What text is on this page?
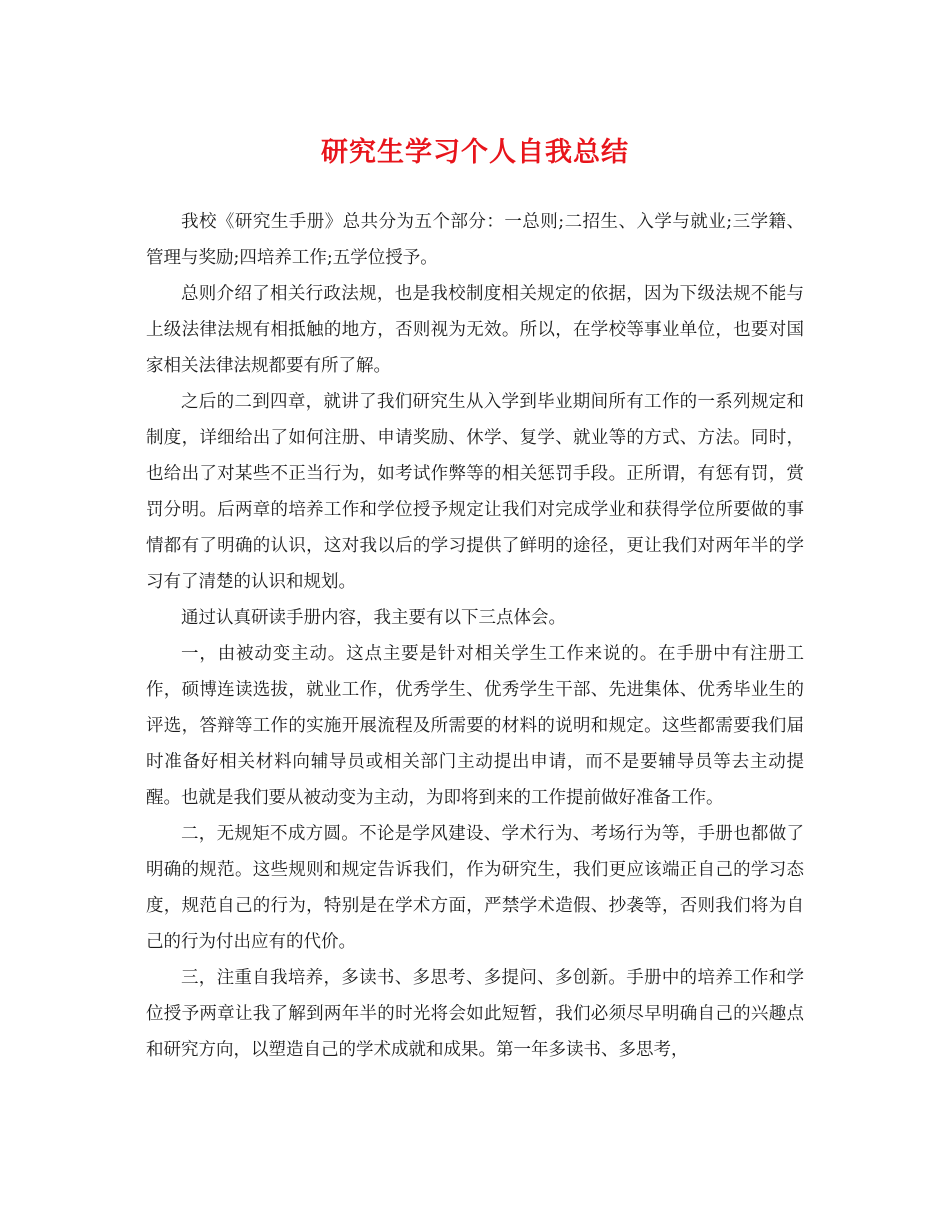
研究生学习个人自我总结

我校《研究生手册》总共分为五个部分：一总则;二招生、入学与就业;三学籍、管理与奖励;四培养工作;五学位授予。

总则介绍了相关行政法规，也是我校制度相关规定的依据，因为下级法规不能与上级法律法规有相抵触的地方，否则视为无效。所以，在学校等事业单位，也要对国家相关法律法规都要有所了解。

之后的二到四章，就讲了我们研究生从入学到毕业期间所有工作的一系列规定和制度，详细给出了如何注册、申请奖励、休学、复学、就业等的方式、方法。同时，也给出了对某些不正当行为，如考试作弊等的相关惩罚手段。正所谓，有惩有罚，赏罚分明。后两章的培养工作和学位授予规定让我们对完成学业和获得学位所要做的事情都有了明确的认识，这对我以后的学习提供了鲜明的途径，更让我们对两年半的学习有了清楚的认识和规划。

通过认真研读手册内容，我主要有以下三点体会。

一，由被动变主动。这点主要是针对相关学生工作来说的。在手册中有注册工作，硕博连读选拔，就业工作，优秀学生、优秀学生干部、先进集体、优秀毕业生的评选，答辩等工作的实施开展流程及所需要的材料的说明和规定。这些都需要我们届时准备好相关材料向辅导员或相关部门主动提出申请，而不是要辅导员等去主动提醒。也就是我们要从被动变为主动，为即将到来的工作提前做好准备工作。

二，无规矩不成方圆。不论是学风建设、学术行为、考场行为等，手册也都做了明确的规范。这些规则和规定告诉我们，作为研究生，我们更应该端正自己的学习态度，规范自己的行为，特别是在学术方面，严禁学术造假、抄袭等，否则我们将为自己的行为付出应有的代价。

三，注重自我培养，多读书、多思考、多提问、多创新。手册中的培养工作和学位授予两章让我了解到两年半的时光将会如此短暂，我们必须尽早明确自己的兴趣点和研究方向，以塑造自己的学术成就和成果。第一年多读书、多思考，
